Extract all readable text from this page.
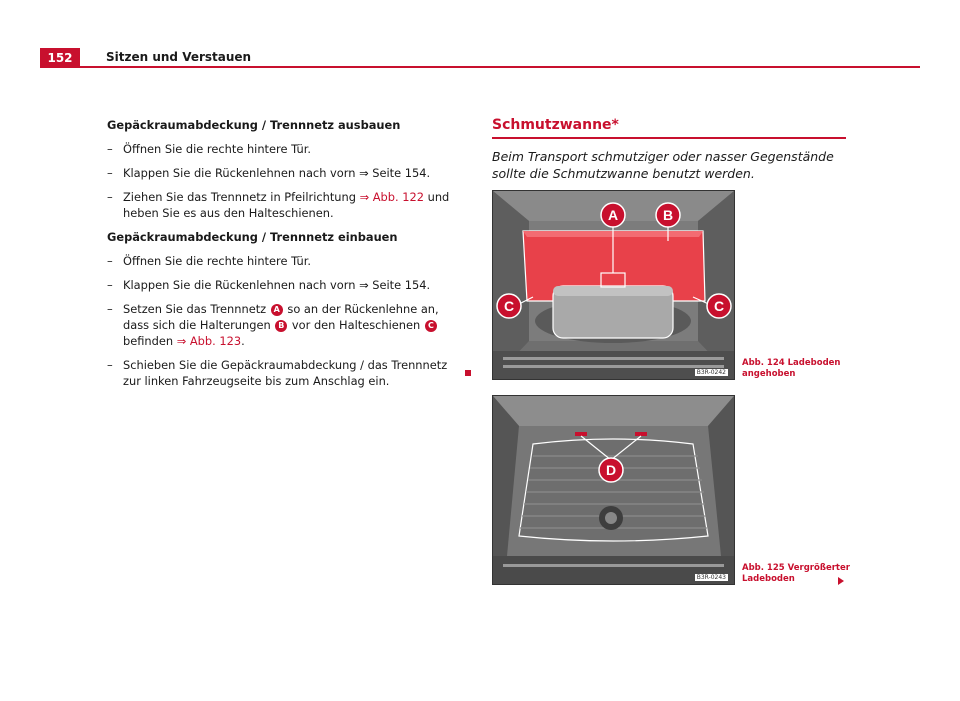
152	Sitzen und Verstauen

Gepäckraumabdeckung / Trennnetz ausbauen

– Öffnen Sie die rechte hintere Tür.
– Klappen Sie die Rückenlehnen nach vorn ⇒ Seite 154.
– Ziehen Sie das Trennnetz in Pfeilrichtung ⇒ Abb. 122 und heben Sie es aus den Halteschienen.

Gepäckraumabdeckung / Trennnetz einbauen

– Öffnen Sie die rechte hintere Tür.
– Klappen Sie die Rückenlehnen nach vorn ⇒ Seite 154.
– Setzen Sie das Trennnetz A so an der Rückenlehne an, dass sich die Halterungen B vor den Halteschienen C befinden ⇒ Abb. 123.
– Schieben Sie die Gepäckraumabdeckung / das Trennnetz zur linken Fahrzeugseite bis zum Anschlag ein.
Schmutzwanne*

Beim Transport schmutziger oder nasser Gegenstände sollte die Schmutzwanne benutzt werden.

A	B
C	C
B3R-0242
Abb. 124 Ladeboden angehoben
D
B3R-0243
Abb. 125 Vergrößerter Ladeboden
